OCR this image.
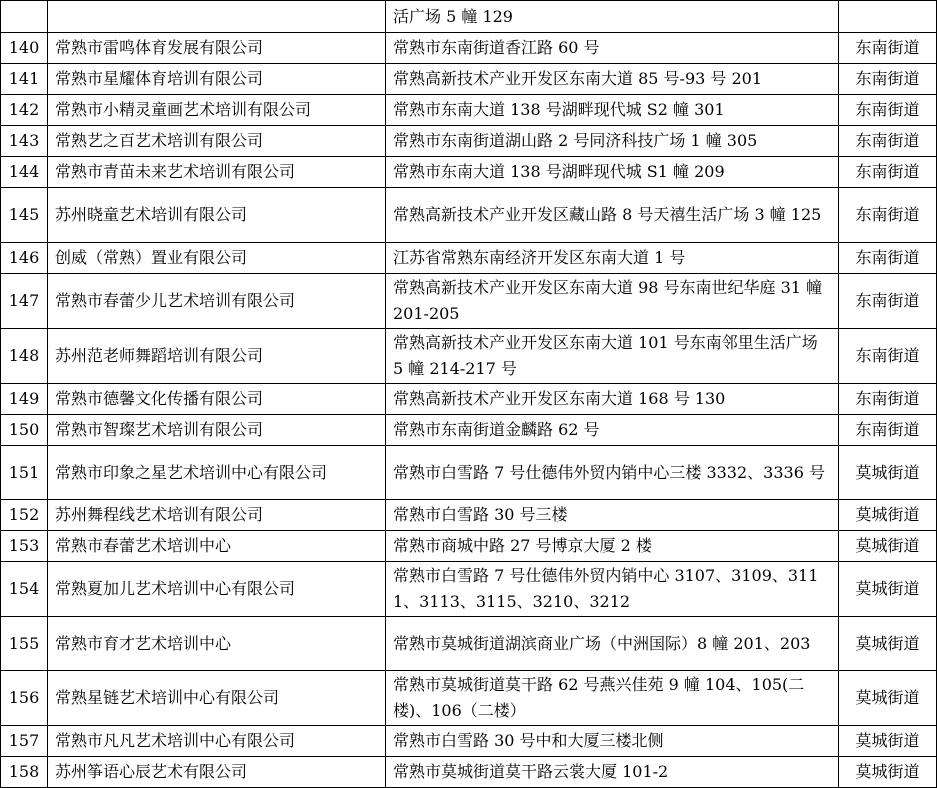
		活广场 5 幢 129	
140	常熟市雷鸣体育发展有限公司	常熟市东南街道香江路 60 号	东南街道
141	常熟市星耀体育培训有限公司	常熟高新技术产业开发区东南大道 85 号-93 号 201	东南街道
142	常熟市小精灵童画艺术培训有限公司	常熟市东南大道 138 号湖畔现代城 S2 幢 301	东南街道
143	常熟艺之百艺术培训有限公司	常熟市东南街道湖山路 2 号同济科技广场 1 幢 305	东南街道
144	常熟市青苗未来艺术培训有限公司	常熟市东南大道 138 号湖畔现代城 S1 幢 209	东南街道
145	苏州晓童艺术培训有限公司	常熟高新技术产业开发区藏山路 8 号天禧生活广场 3 幢 125	东南街道
146	创威（常熟）置业有限公司	江苏省常熟东南经济开发区东南大道 1 号	东南街道
147	常熟市春蕾少儿艺术培训有限公司	常熟高新技术产业开发区东南大道 98 号东南世纪华庭 31 幢 201-205	东南街道
148	苏州范老师舞蹈培训有限公司	常熟高新技术产业开发区东南大道 101 号东南邻里生活广场 5 幢 214-217 号	东南街道
149	常熟市德馨文化传播有限公司	常熟高新技术产业开发区东南大道 168 号 130	东南街道
150	常熟市智璨艺术培训有限公司	常熟市东南街道金麟路 62 号	东南街道
151	常熟市印象之星艺术培训中心有限公司	常熟市白雪路 7 号仕德伟外贸内销中心三楼 3332、3336 号	莫城街道
152	苏州舞程线艺术培训有限公司	常熟市白雪路 30 号三楼	莫城街道
153	常熟市春蕾艺术培训中心	常熟市商城中路 27 号博京大厦 2 楼	莫城街道
154	常熟夏加儿艺术培训中心有限公司	常熟市白雪路 7 号仕德伟外贸内销中心 3107、3109、3111、3113、3115、3210、3212	莫城街道
155	常熟市育才艺术培训中心	常熟市莫城街道湖滨商业广场（中洲国际）8 幢 201、203	莫城街道
156	常熟星链艺术培训中心有限公司	常熟市莫城街道莫干路 62 号燕兴佳苑 9 幢 104、105(二楼)、106（二楼）	莫城街道
157	常熟市凡凡艺术培训中心有限公司	常熟市白雪路 30 号中和大厦三楼北侧	莫城街道
158	苏州筝语心辰艺术有限公司	常熟市莫城街道莫干路云裳大厦 101-2	莫城街道
